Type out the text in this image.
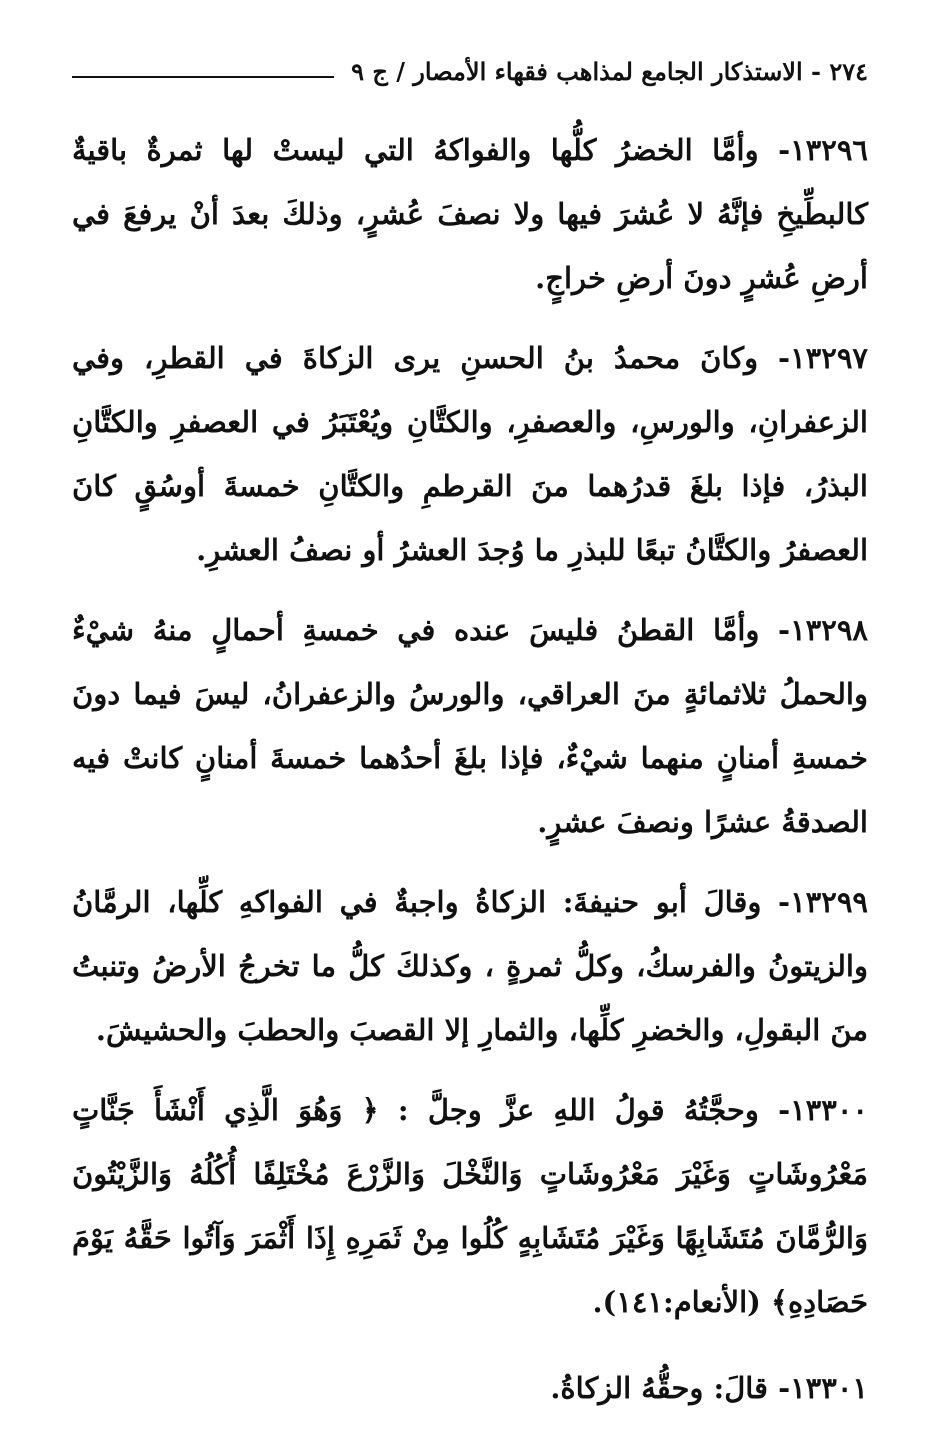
٢٧٤ - الاستذكار الجامع لمذاهب فقهاء الأمصار / ج ٩

١٣٢٩٦- وأمَّا الخضرُ كلُّها والفواكهُ التي ليستْ لها ثمرةٌ باقيةٌ كالبطِّيخِ فإنَّهُ لا عُشرَ فيها ولا نصفَ عُشرٍ، وذلكَ بعدَ أنْ يرفعَ في أرضِ عُشرٍ دونَ أرضِ خراجٍ.

١٣٢٩٧- وكانَ محمدُ بنُ الحسنِ يرى الزكاةَ في القطرِ، وفي الزعفرانِ، والورسِ، والعصفرِ، والكتَّانِ ويُعْتَبَرُ في العصفرِ والكتَّانِ البذرُ، فإذا بلغَ قدرُهما منَ القرطمِ والكتَّانِ خمسةَ أوسُقٍ كانَ العصفرُ والكتَّانُ تبعًا للبذرِ ما وُجدَ العشرُ أو نصفُ العشرِ.

١٣٢٩٨- وأمَّا القطنُ فليسَ عنده في خمسةِ أحمالٍ منهُ شيْءٌ والحملُ ثلاثمائةٍ منَ العراقي، والورسُ والزعفرانُ، ليسَ فيما دونَ خمسةِ أمنانٍ منهما شيْءٌ، فإذا بلغَ أحدُهما خمسةَ أمنانٍ كانتْ فيه الصدقةُ عشرًا ونصفَ عشرٍ.

١٣٢٩٩- وقالَ أبو حنيفةَ: الزكاةُ واجبةٌ في الفواكهِ كلِّها، الرمَّانُ والزيتونُ والفرسكُ، وكلُّ ثمرةٍ ، وكذلكَ كلُّ ما تخرجُ الأرضُ وتنبتُ منَ البقولِ، والخضرِ كلِّها، والثمارِ إلا القصبَ والحطبَ والحشيشَ.

١٣٣٠٠- وحجَّتُهُ قولُ اللهِ عزَّ وجلَّ : ﴿ وَهُوَ الَّذِي أَنْشَأَ جَنَّاتٍ مَعْرُوشَاتٍ وَغَيْرَ مَعْرُوشَاتٍ وَالنَّخْلَ وَالزَّرْعَ مُخْتَلِفًا أُكُلُهُ وَالزَّيْتُونَ وَالرُّمَّانَ مُتَشَابِهًا وَغَيْرَ مُتَشَابِهٍ كُلُوا مِنْ ثَمَرِهِ إِذَا أَثْمَرَ وَآتُوا حَقَّهُ يَوْمَ حَصَادِهِ﴾ (الأنعام:١٤١).

١٣٣٠١- قالَ: وحقُّهُ الزكاةُ.
